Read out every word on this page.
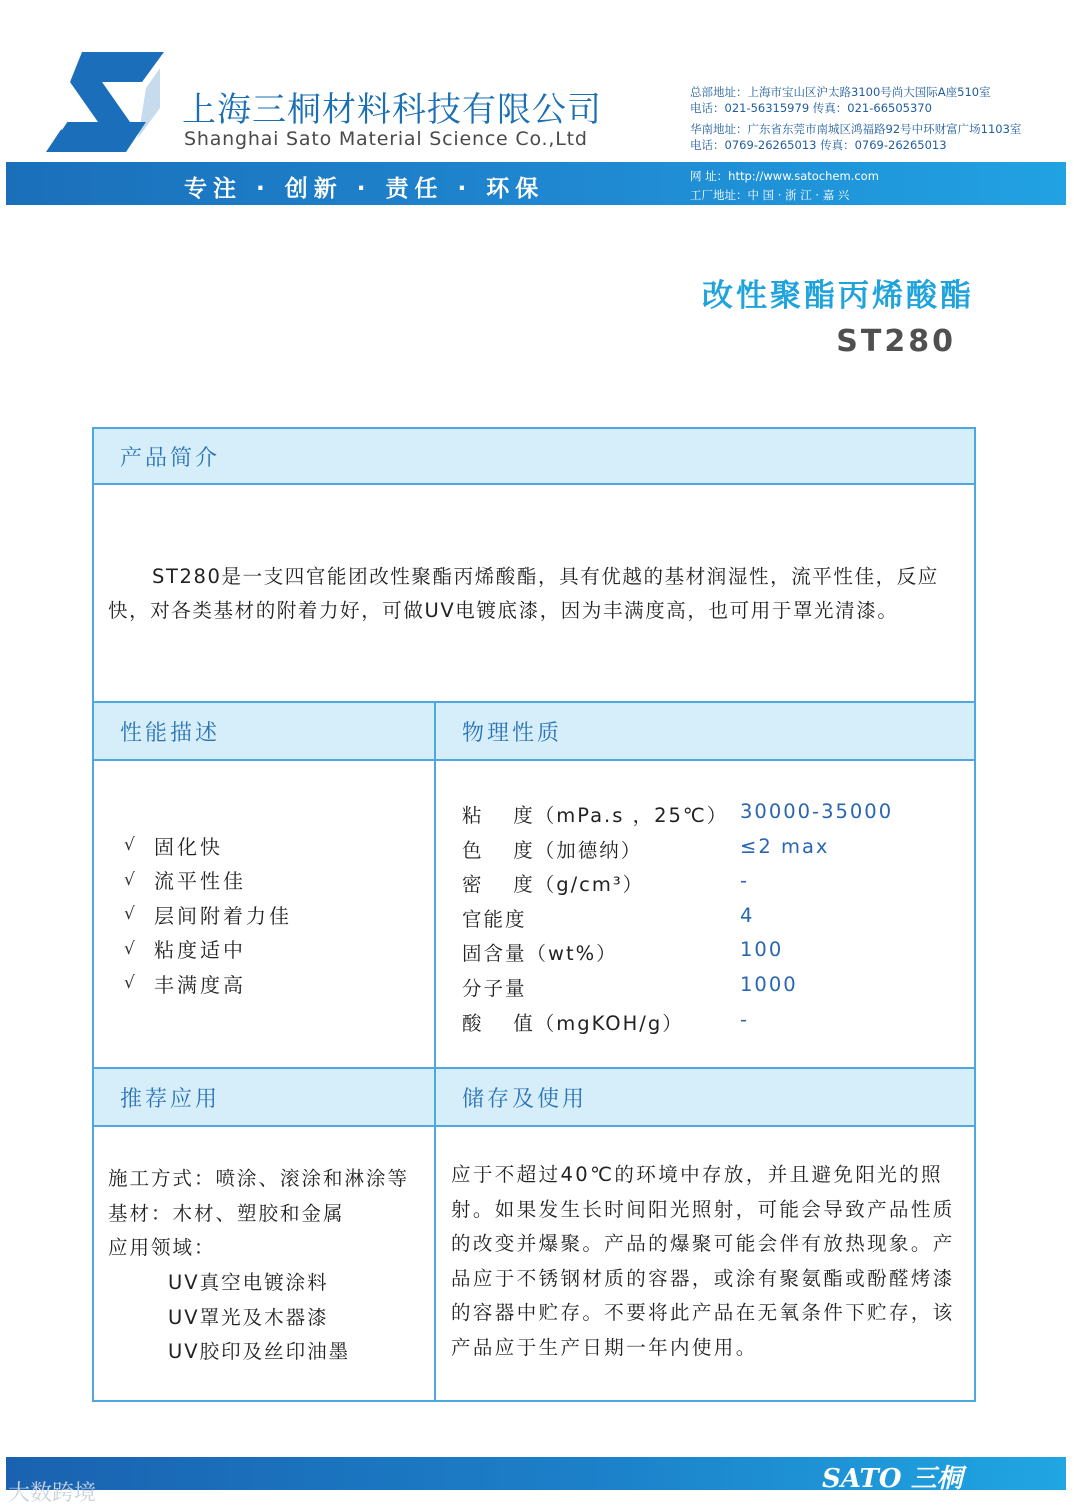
上海三桐材料科技有限公司
Shanghai Sato Material Science Co.,Ltd
总部地址：上海市宝山区沪太路3100号尚大国际A座510室
电话：021-56315979 传真：021-66505370
华南地址：广东省东莞市南城区鸿福路92号中环财富广场1103室
电话：0769-26265013 传真：0769-26265013
专注 · 创新 · 责任 · 环保	网 址：http://www.satochem.com
工厂地址：中 国 · 浙 江 · 嘉 兴
改性聚酯丙烯酸酯
ST280
产品简介
ST280是一支四官能团改性聚酯丙烯酸酯，具有优越的基材润湿性，流平性佳，反应快，对各类基材的附着力好，可做UV电镀底漆，因为丰满度高，也可用于罩光清漆。
性能描述	物理性质
√ 固化快
√ 流平性佳
√ 层间附着力佳
√ 粘度适中
√ 丰满度高
粘　 度（mPa.s ，25℃） 30000-35000
色　 度（加德纳）	≤2 max
密　 度（g/cm³）	-
官能度	4
固含量（wt%）	100
分子量	1000
酸　 值（mgKOH/g）	-
推荐应用	储存及使用
施工方式：喷涂、滚涂和淋涂等
基材：木材、塑胶和金属
应用领域：
UV真空电镀涂料
UV罩光及木器漆
UV胶印及丝印油墨
应于不超过40℃的环境中存放，并且避免阳光的照射。如果发生长时间阳光照射，可能会导致产品性质的改变并爆聚。产品的爆聚可能会伴有放热现象。产品应于不锈钢材质的容器，或涂有聚氨酯或酚醛烤漆的容器中贮存。不要将此产品在无氧条件下贮存，该产品应于生产日期一年内使用。
SATO 三桐
大数跨境
